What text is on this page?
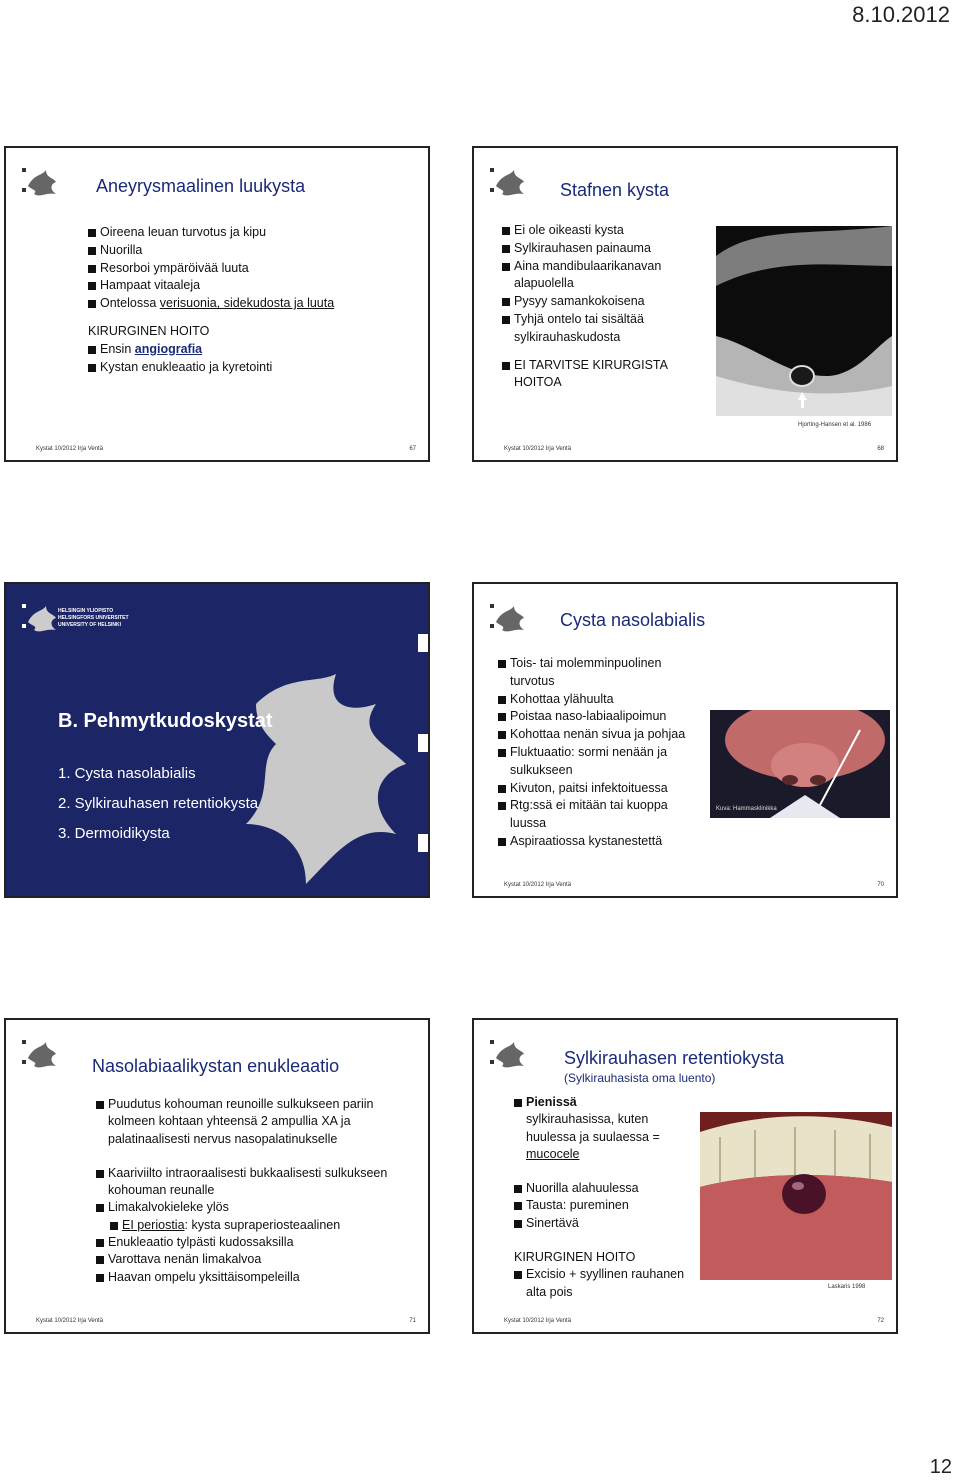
8.10.2012
Aneyrysmaalinen luukysta
Oireena leuan turvotus ja kipu
Nuorilla
Resorboi ympäröivää luuta
Hampaat vitaaleja
Ontelossa verisuonia, sidekudosta ja luuta
KIRURGINEN HOITO
Ensin angiografia
Kystan enukleaatio ja kyretointi
Kystat 10/2012 Irja Ventä	67
Stafnen kysta
Ei ole oikeasti kysta
Sylkirauhasen painauma
Aina mandibulaarikanavan alapuolella
Pysyy samankokoisena
Tyhjä ontelo tai sisältää sylkirauhaskudosta
EI TARVITSE KIRURGISTA HOITOA
Hjorting-Hansen et al. 1986
Kystat 10/2012 Irja Ventä	68
HELSINGIN YLIOPISTO
HELSINGFORS UNIVERSITET
UNIVERSITY OF HELSINKI
B. Pehmytkudoskystat
1. Cysta nasolabialis
2. Sylkirauhasen retentiokysta
3. Dermoidikysta
Cysta nasolabialis
Tois- tai molemminpuolinen turvotus
Kohottaa ylähuulta
Poistaa naso-labiaalipoimun
Kohottaa nenän sivua ja pohjaa
Fluktuaatio: sormi nenään ja sulkukseen
Kivuton, paitsi infektoituessa
Rtg:ssä ei mitään tai kuoppa luussa
Aspiraatiossa kystanestettä
Kuva: Hammasklinikka
Kystat 10/2012 Irja Ventä	70
Nasolabiaalikystan enukleaatio
Puudutus kohouman reunoille sulkukseen pariin kolmeen kohtaan yhteensä 2 ampullia XA ja palatinaalisesti nervus nasopalatinukselle
Kaariviilto intraoraalisesti bukkaalisesti sulkukseen kohouman reunalle
Limakalvokieleke ylös
EI periostia: kysta supraperiosteaalinen
Enukleaatio tylpästi kudossaksilla
Varottava nenän limakalvoa
Haavan ompelu yksittäisompeleilla
Kystat 10/2012 Irja Ventä	71
Sylkirauhasen retentiokysta
(Sylkirauhasista oma luento)
Pienissä
sylkirauhasissa, kuten huulessa ja suulaessa = mucocele
Nuorilla alahuulessa
Tausta: pureminen
Sinertävä
KIRURGINEN HOITO
Excisio + syyllinen rauhanen alta pois	Laskaris 1998
Kystat 10/2012 Irja Ventä	72
12
